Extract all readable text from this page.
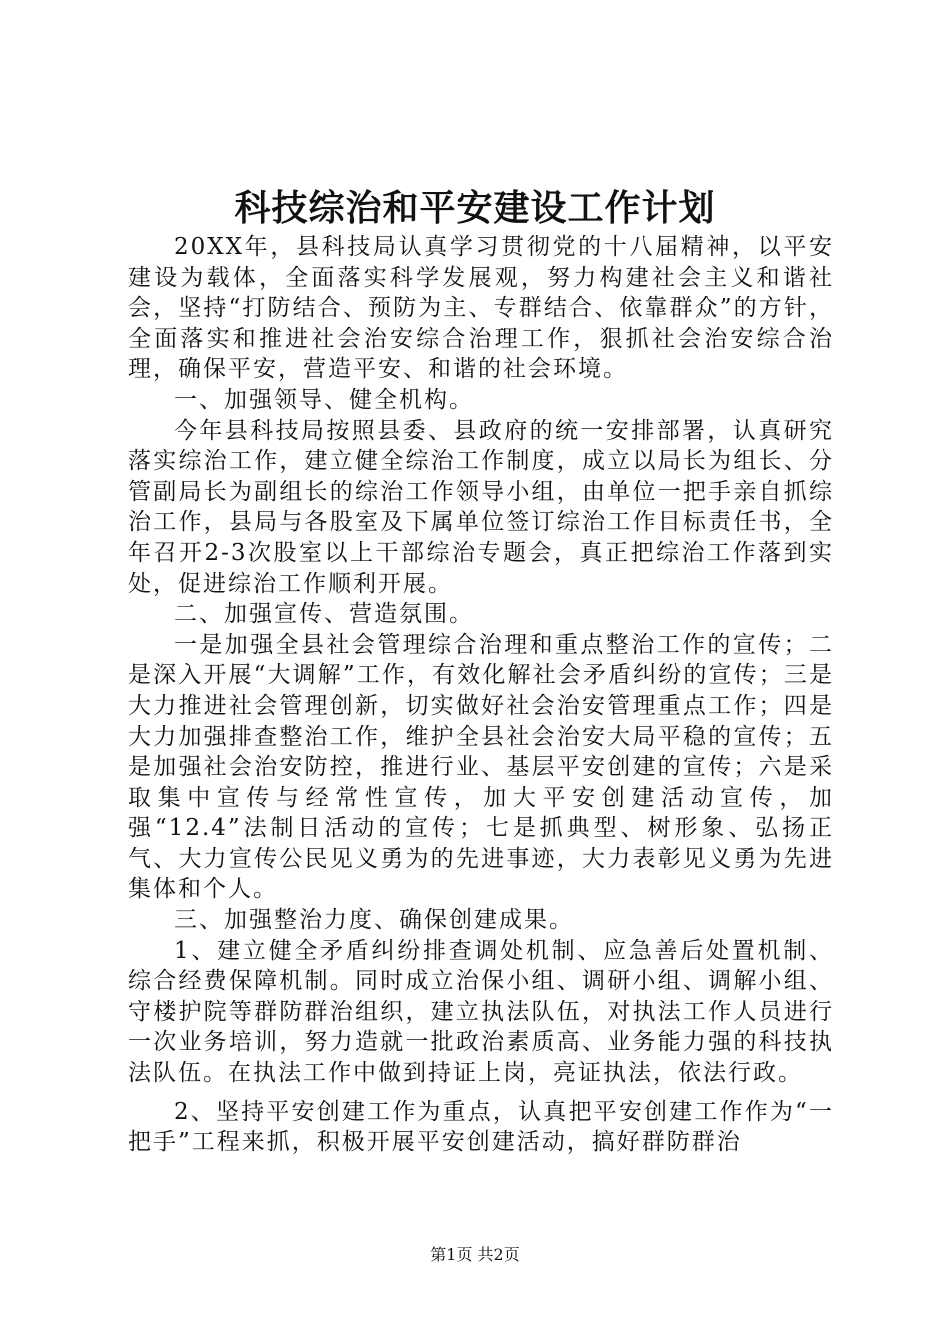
科技综治和平安建设工作计划

20XX年，县科技局认真学习贯彻党的十八届精神，以平安建设为载体，全面落实科学发展观，努力构建社会主义和谐社会，坚持“打防结合、预防为主、专群结合、依靠群众”的方针，全面落实和推进社会治安综合治理工作，狠抓社会治安综合治理，确保平安，营造平安、和谐的社会环境。

一、加强领导、健全机构。

今年县科技局按照县委、县政府的统一安排部署，认真研究落实综治工作，建立健全综治工作制度，成立以局长为组长、分管副局长为副组长的综治工作领导小组，由单位一把手亲自抓综治工作，县局与各股室及下属单位签订综治工作目标责任书，全年召开2-3次股室以上干部综治专题会，真正把综治工作落到实处，促进综治工作顺利开展。

二、加强宣传、营造氛围。

一是加强全县社会管理综合治理和重点整治工作的宣传；二是深入开展“大调解”工作，有效化解社会矛盾纠纷的宣传；三是大力推进社会管理创新，切实做好社会治安管理重点工作；四是大力加强排查整治工作，维护全县社会治安大局平稳的宣传；五是加强社会治安防控，推进行业、基层平安创建的宣传；六是采取集中宣传与经常性宣传，加大平安创建活动宣传，加强“12.4”法制日活动的宣传；七是抓典型、树形象、弘扬正气、大力宣传公民见义勇为的先进事迹，大力表彰见义勇为先进集体和个人。

三、加强整治力度、确保创建成果。

1、建立健全矛盾纠纷排查调处机制、应急善后处置机制、综合经费保障机制。同时成立治保小组、调研小组、调解小组、守楼护院等群防群治组织，建立执法队伍，对执法工作人员进行一次业务培训，努力造就一批政治素质高、业务能力强的科技执法队伍。在执法工作中做到持证上岗，亮证执法，依法行政。

2、坚持平安创建工作为重点，认真把平安创建工作作为“一把手”工程来抓，积极开展平安创建活动，搞好群防群治

第1页 共2页
